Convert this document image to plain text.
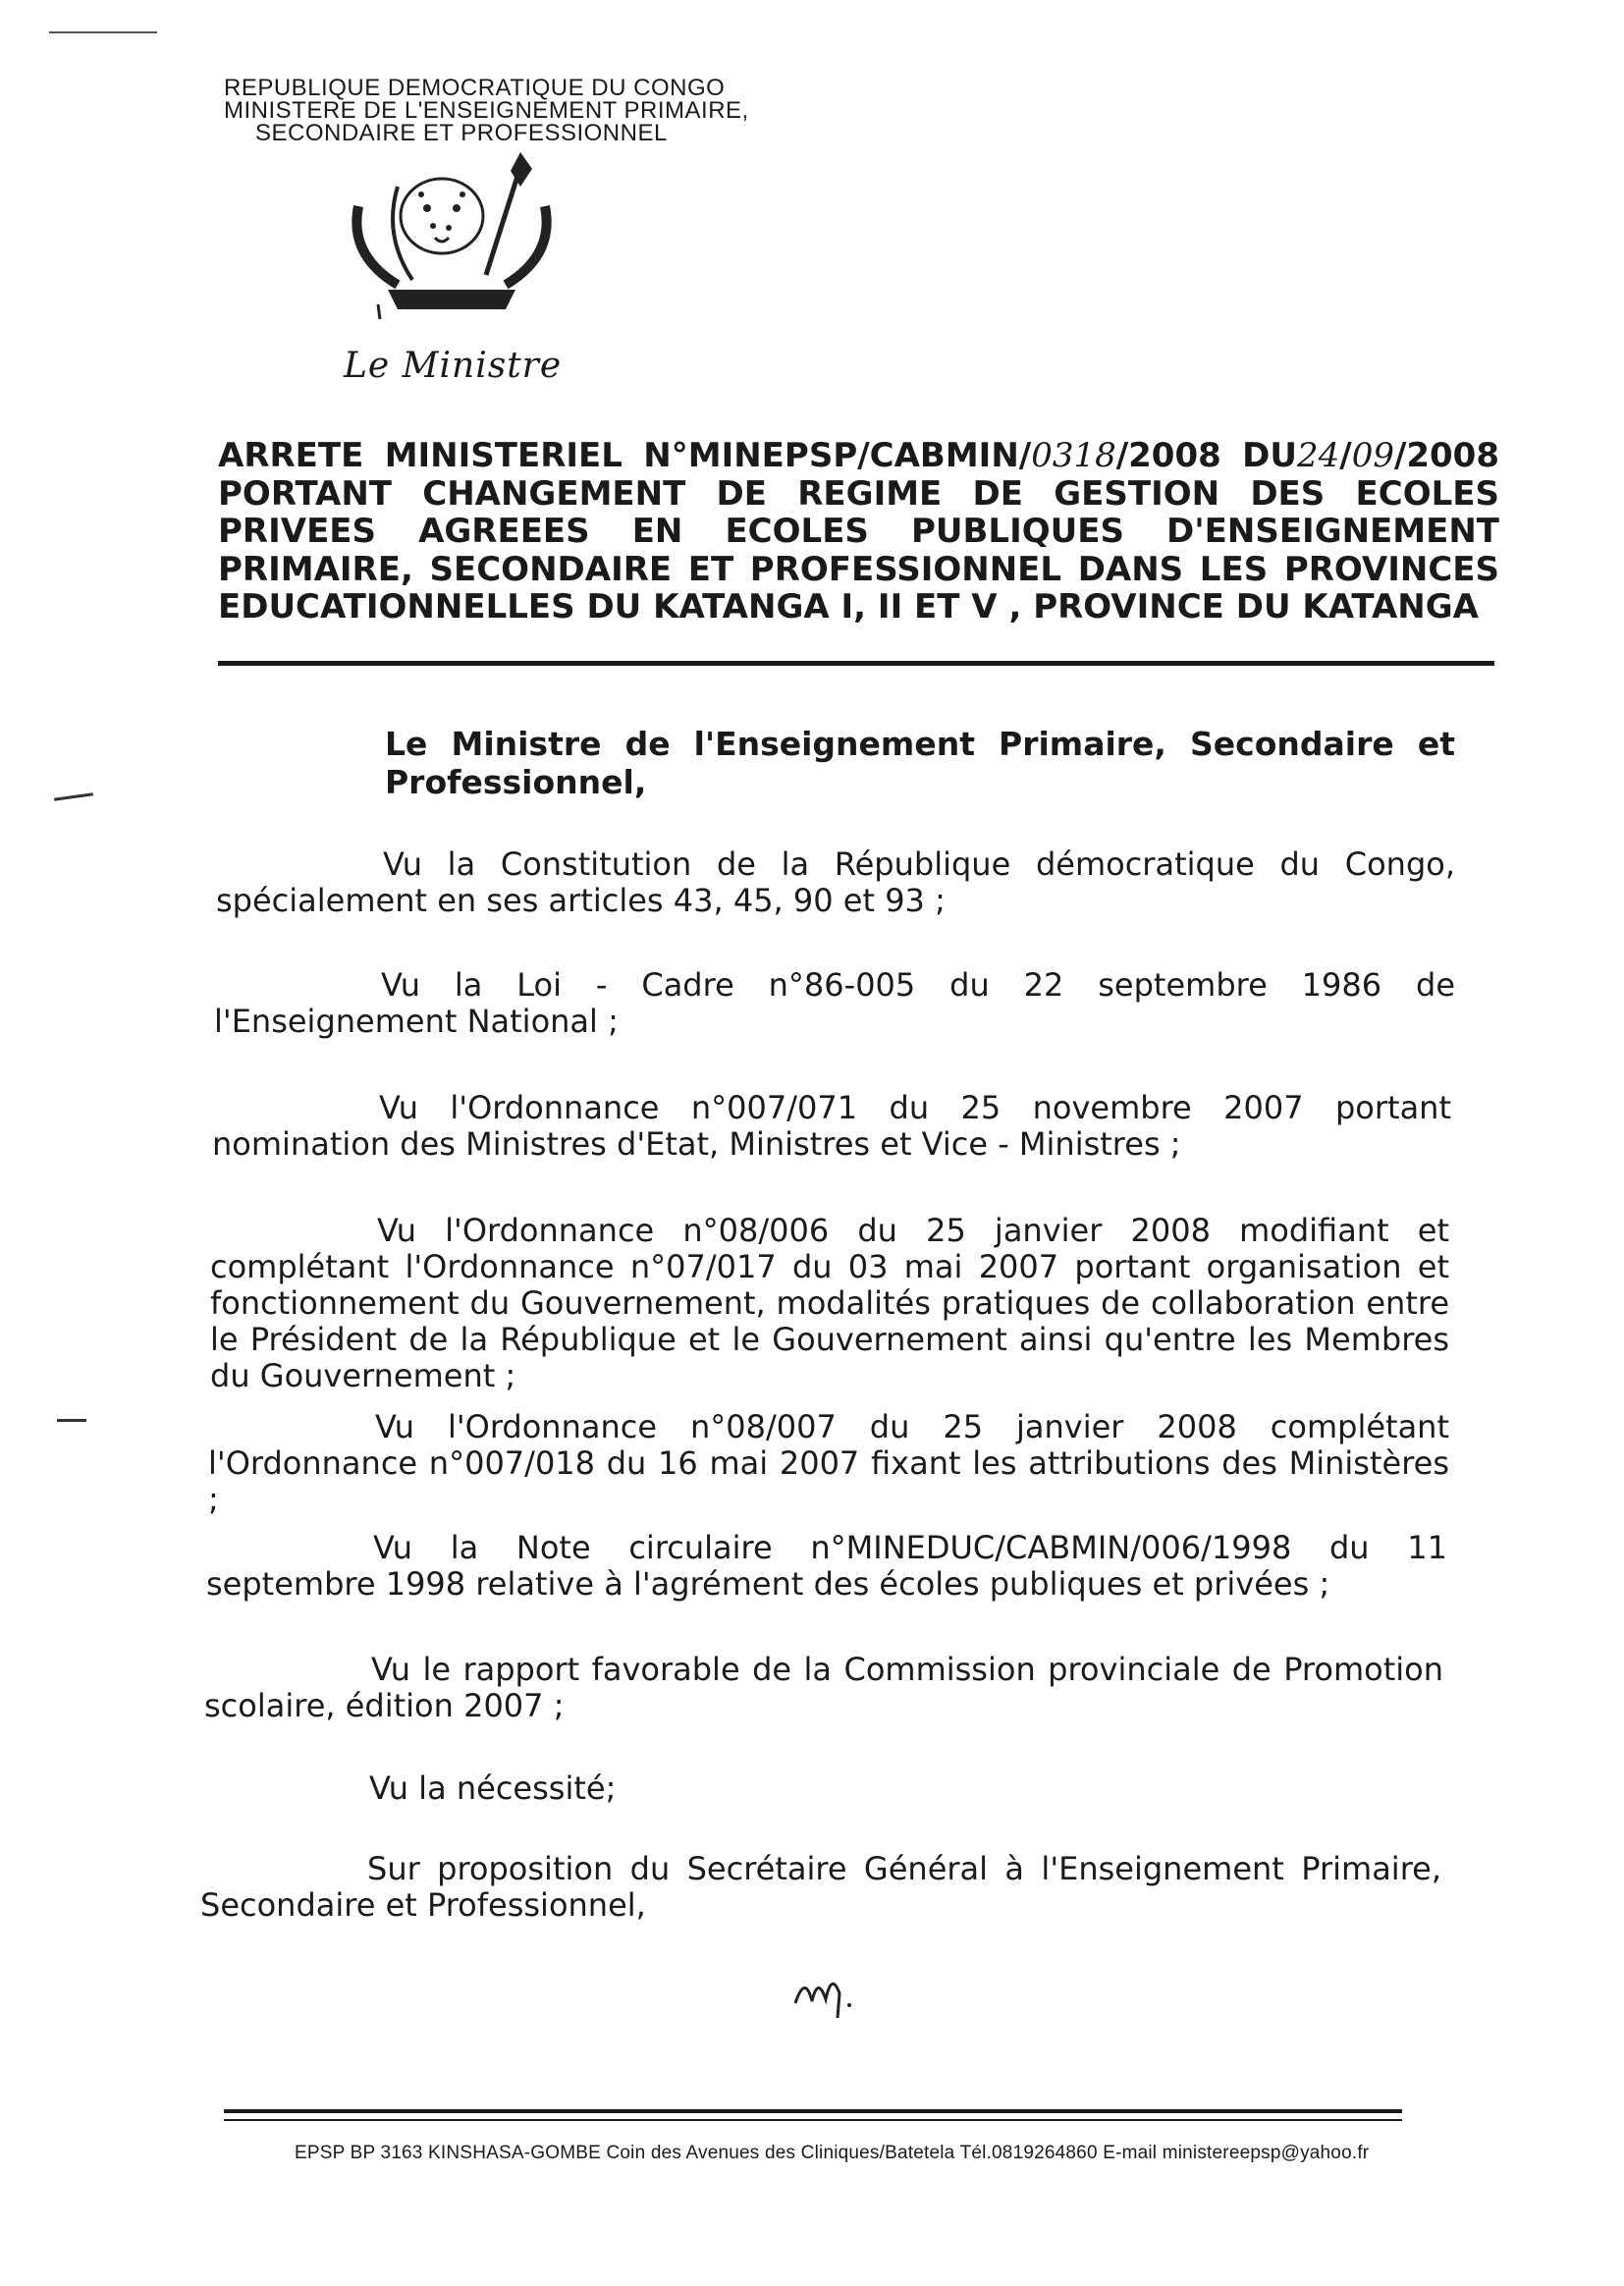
REPUBLIQUE DEMOCRATIQUE DU CONGO
MINISTERE DE L'ENSEIGNEMENT PRIMAIRE,
SECONDAIRE ET PROFESSIONNEL
Le Ministre
ARRETE MINISTERIEL N°MINEPSP/CABMIN/0318/2008 DU24/09/2008 PORTANT CHANGEMENT DE REGIME DE GESTION DES ECOLES PRIVEES AGREEES EN ECOLES PUBLIQUES D'ENSEIGNEMENT PRIMAIRE, SECONDAIRE ET PROFESSIONNEL DANS LES PROVINCES EDUCATIONNELLES DU KATANGA I, II ET V , PROVINCE DU KATANGA
Le Ministre de l'Enseignement Primaire, Secondaire et Professionnel,
Vu la Constitution de la République démocratique du Congo, spécialement en ses articles 43, 45, 90 et 93 ;
Vu la Loi - Cadre n°86-005 du 22 septembre 1986 de l'Enseignement National ;
Vu l'Ordonnance n°007/071 du 25 novembre 2007 portant nomination des Ministres d'Etat, Ministres et Vice - Ministres ;
Vu l'Ordonnance n°08/006 du 25 janvier 2008 modifiant et complétant l'Ordonnance n°07/017 du 03 mai 2007 portant organisation et fonctionnement du Gouvernement, modalités pratiques de collaboration entre le Président de la République et le Gouvernement ainsi qu'entre les Membres du Gouvernement ;
Vu l'Ordonnance n°08/007 du 25 janvier 2008 complétant l'Ordonnance n°007/018 du 16 mai 2007 fixant les attributions des Ministères ;
Vu la Note circulaire n°MINEDUC/CABMIN/006/1998 du 11 septembre 1998 relative à l'agrément des écoles publiques et privées ;
Vu le rapport favorable de la Commission provinciale de Promotion scolaire, édition 2007 ;
Vu la nécessité;
Sur proposition du Secrétaire Général à l'Enseignement Primaire, Secondaire et Professionnel,
EPSP BP 3163 KINSHASA-GOMBE Coin des Avenues des Cliniques/Batetela Tél.0819264860 E-mail ministereepsp@yahoo.fr
